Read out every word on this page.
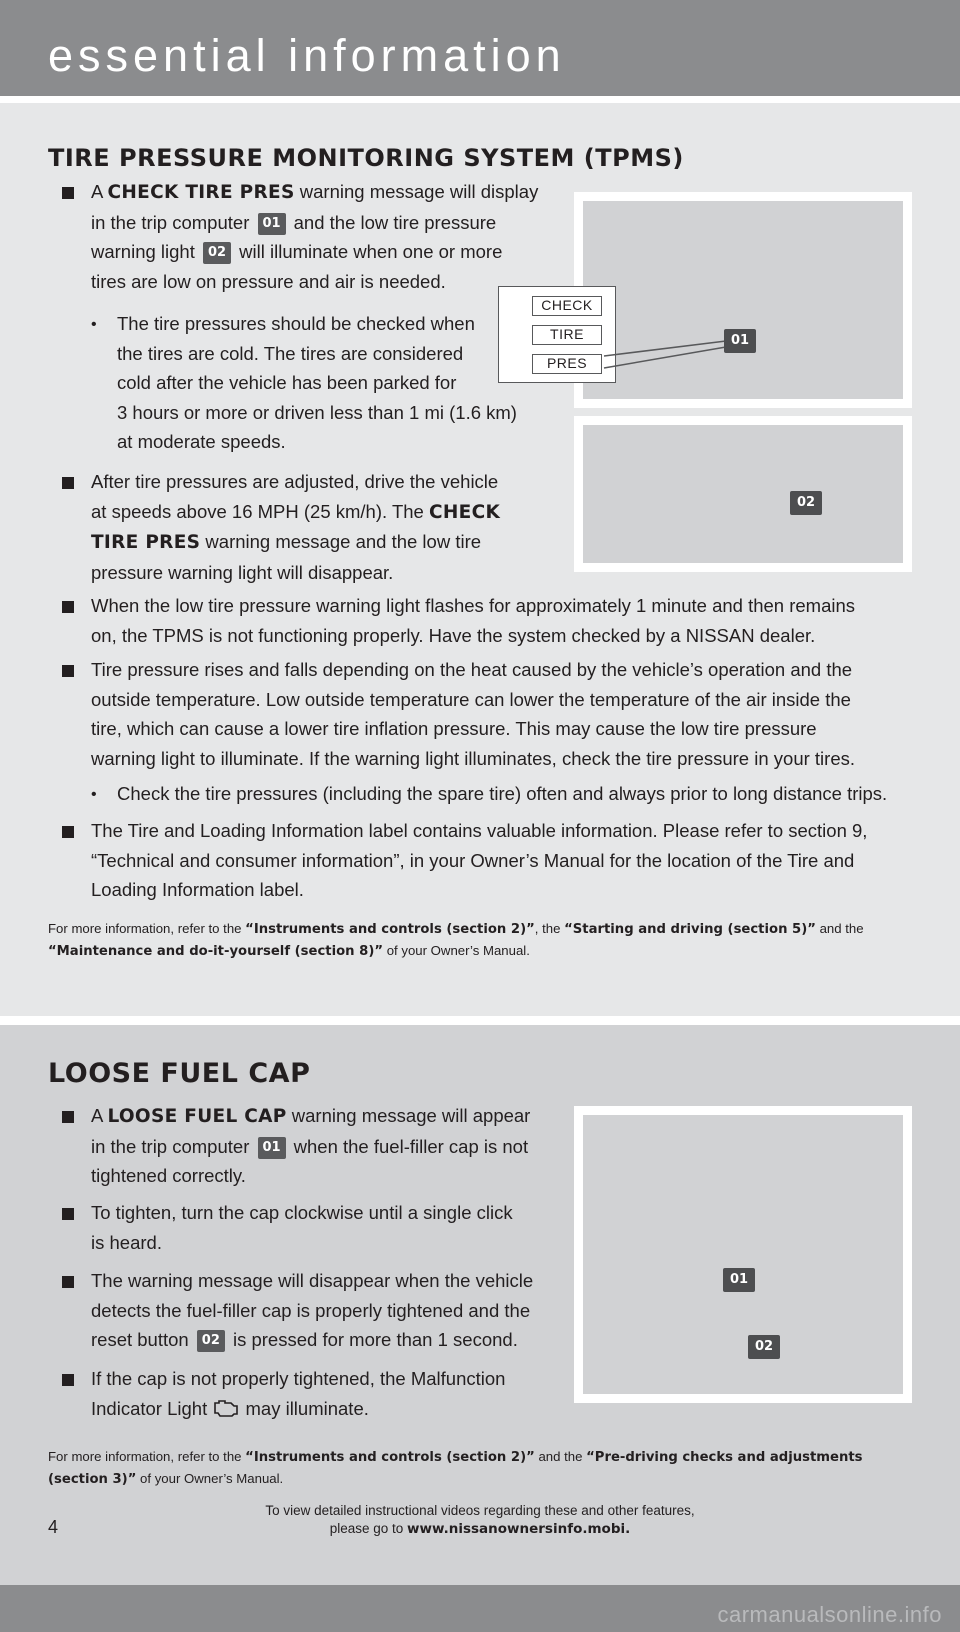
essential information
TIRE PRESSURE MONITORING SYSTEM (TPMS)
A CHECK TIRE PRES warning message will display
in the trip computer 01 and the low tire pressure
warning light 02 will illuminate when one or more
tires are low on pressure and air is needed.
• The tire pressures should be checked when
the tires are cold. The tires are considered
cold after the vehicle has been parked for
3 hours or more or driven less than 1 mi (1.6 km)
at moderate speeds.
After tire pressures are adjusted, drive the vehicle
at speeds above 16 MPH (25 km/h). The CHECK
TIRE PRES warning message and the low tire
pressure warning light will disappear.
When the low tire pressure warning light flashes for approximately 1 minute and then remains
on, the TPMS is not functioning properly. Have the system checked by a NISSAN dealer.
Tire pressure rises and falls depending on the heat caused by the vehicle’s operation and the
outside temperature. Low outside temperature can lower the temperature of the air inside the
tire, which can cause a lower tire inflation pressure. This may cause the low tire pressure
warning light to illuminate. If the warning light illuminates, check the tire pressure in your tires.
• Check the tire pressures (including the spare tire) often and always prior to long distance trips.
The Tire and Loading Information label contains valuable information. Please refer to section 9,
“Technical and consumer information”, in your Owner’s Manual for the location of the Tire and
Loading Information label.
For more information, refer to the “Instruments and controls (section 2)”, the “Starting and driving (section 5)” and the
“Maintenance and do-it-yourself (section 8)” of your Owner’s Manual.
CHECK
TIRE
PRES
01
02
LOOSE FUEL CAP
A LOOSE FUEL CAP warning message will appear
in the trip computer 01 when the fuel-filler cap is not
tightened correctly.
To tighten, turn the cap clockwise until a single click
is heard.
The warning message will disappear when the vehicle
detects the fuel-filler cap is properly tightened and the
reset button 02 is pressed for more than 1 second.
If the cap is not properly tightened, the Malfunction
Indicator Light  may illuminate.
For more information, refer to the “Instruments and controls (section 2)” and the “Pre-driving checks and adjustments
(section 3)” of your Owner’s Manual.
01
02
To view detailed instructional videos regarding these and other features,
please go to www.nissanownersinfo.mobi.
4
carmanualsonline.info
